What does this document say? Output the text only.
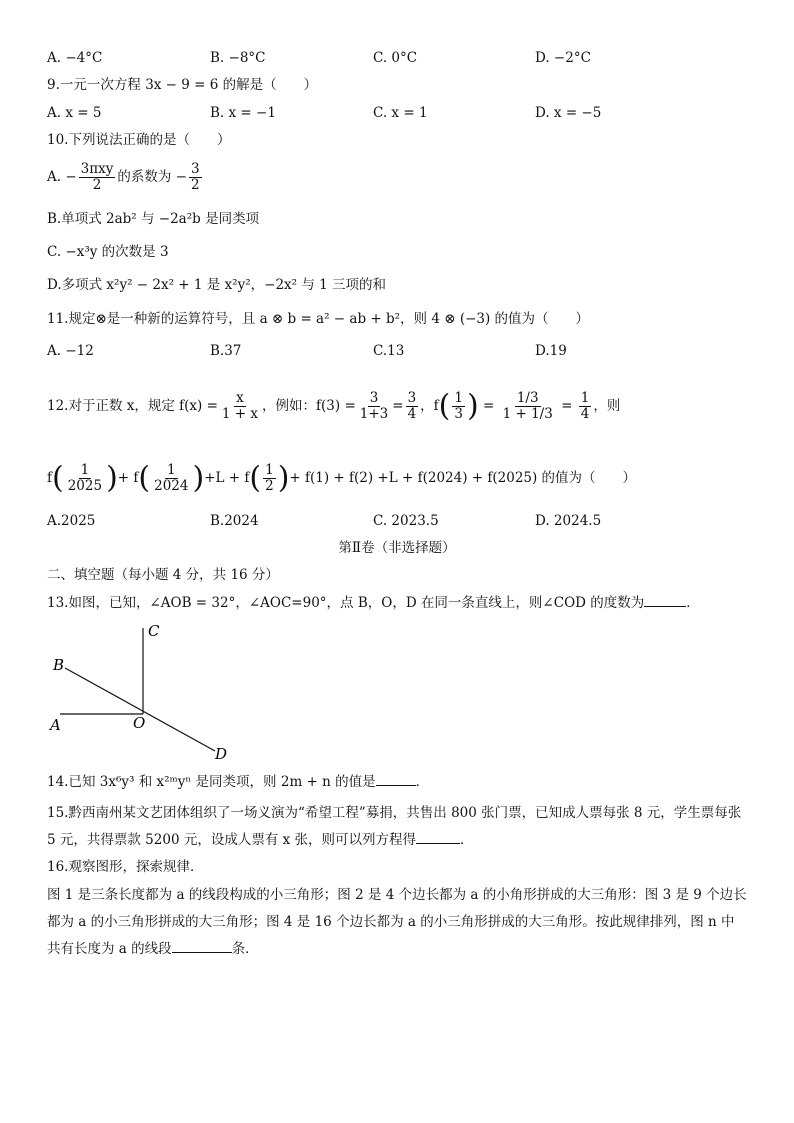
A. −4°C	B. −8°C	C. 0°C	D. −2°C
9.一元一次方程 3x − 9 = 6 的解是（　　）
A. x = 5	B. x = −1	C. x = 1	D. x = −5
10.下列说法正确的是（　　）
A. − $\frac{\text{3πxy}}{2}$ 的系数为 − $\frac{3}{2}$
B.单项式 2ab² 与 −2a²b 是同类项
C. −x³y 的次数是 3
D.多项式 x²y² − 2x² + 1 是 x²y²，−2x² 与 1 三项的和
11.规定⊗是一种新的运算符号，且 a ⊗ b = a² − ab + b²，则 4 ⊗ (−3) 的值为（　　）
A. −12	B.37	C.13	D.19
12.对于正数 x，规定 $f(x) = \frac{x}{1 + x}$ ，例如：$f(3) = \frac{3}{1+3} = \frac{3}{4}$ ，$f( \frac{1}{3}$ ) = $\frac{1/3}{1 + 1/3} = \frac{1}{4}$ ，则
$f( \frac{1}{2025}$ )+ $f( \frac{1}{2024} )+L + f( \frac{1}{2}$ )+ f(1) + f(2) +L + f(2024) + f(2025) 的值为（　　）
A.2025	B.2024	C. 2023.5	D. 2024.5
第Ⅱ卷（非选择题）
二、填空题（每小题 4 分，共 16 分）
13.如图，已知，∠AOB = 32°，∠AOC=90°，点 B，O，D 在同一条直线上，则∠COD 的度数为	．
C
B
A	O
D
14.已知 3x⁶y³ 和 x²ᵐyⁿ 是同类项，则 2m + n 的值是	．
15.黔西南州某文艺团体组织了一场义演为“希望工程”募捐，共售出 800 张门票，已知成人票每张 8 元，学生票每张
5 元，共得票款 5200 元，设成人票有 x 张，则可以列方程得	．
16.观察图形，探索规律．
图 1 是三条长度都为 a 的线段构成的小三角形；图 2 是 4 个边长都为 a 的小角形拼成的大三角形：图 3 是 9 个边长
都为 a 的小三角形拼成的大三角形；图 4 是 16 个边长都为 a 的小三角形拼成的大三角形。按此规律排列，图 n 中
共有长度为 a 的线段	条．
